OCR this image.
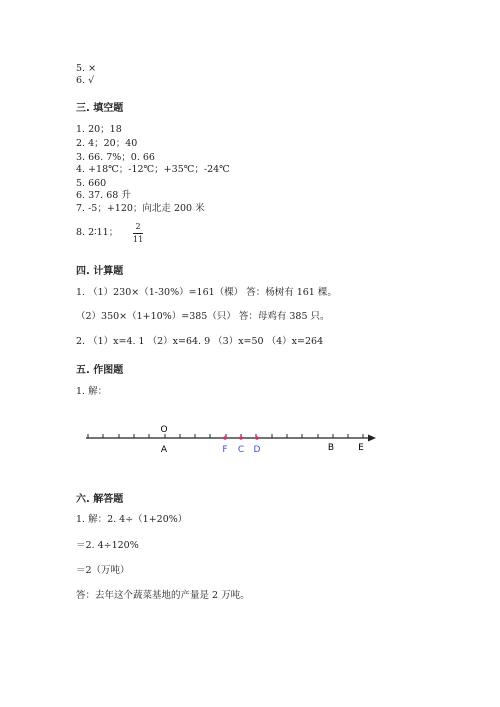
5. ×
6. √
三. 填空题
1. 20；18
2. 4；20；40
3. 66. 7%；0. 66
4. +18℃；-12℃；+35℃；-24℃
5. 660
6. 37. 68 升
7. -5；+120；向北走 200 米
8. 2∶11；
2
11
四. 计算题
1. （1）230×（1-30%）=161（棵） 答：杨树有 161 棵。
（2）350×（1+10%）=385（只） 答：母鸡有 385 只。
2. （1）x=4. 1 （2）x=64. 9 （3）x=50 （4）x=264
五. 作图题
1. 解：
O
A	F C D	B	E
六. 解答题
1. 解：2. 4÷（1+20%）
＝2. 4÷120%
＝2（万吨）
答：去年这个蔬菜基地的产量是 2 万吨。
